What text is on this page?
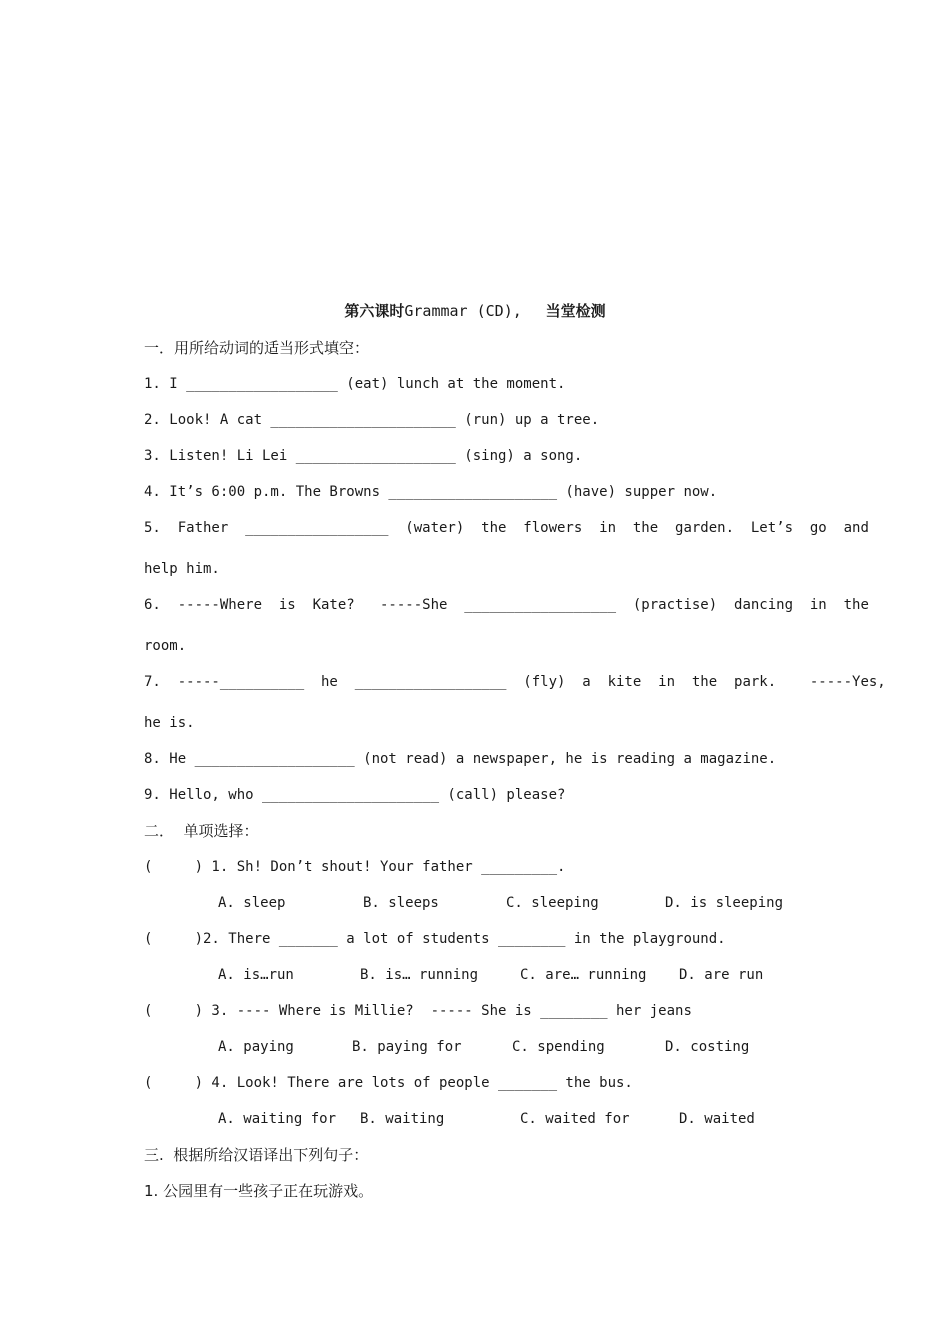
第六课时Grammar (CD), 当堂检测
一．用所给动词的适当形式填空：
1. I __________________ (eat) lunch at the moment.
2. Look! A cat ______________________ (run) up a tree.
3. Listen! Li Lei ___________________ (sing) a song.
4. It’s 6:00 p.m. The Browns ____________________ (have) supper now.
5.  Father  _________________  (water)  the  flowers  in  the  garden.  Let’s  go  and
help him.
6.  -----Where  is  Kate?   -----She  __________________  (practise)  dancing  in  the
room.
7.  -----__________  he  __________________  (fly)  a  kite  in  the  park.    -----Yes,
he is.
8. He ___________________ (not read) a newspaper, he is reading a magazine.
9. Hello, who _____________________ (call) please?
二．  单项选择：
(     ) 1. Sh! Don’t shout! Your father _________.

A. sleep

	B. sleeps

	C. sleeping

	D. is sleeping

(     )2. There _______ a lot of students ________ in the playground.

A. is…run

	B. is… running

	C. are… running

D. are run

(     ) 3. ---- Where is Millie?  ----- She is ________ her jeans

A. paying

	B. paying for

	C. spending

	D. costing

(     ) 4. Look! There are lots of people _______ the bus.

A. waiting for

B. waiting

	C. waited for

	D. waited

三.  根据所给汉语译出下列句子：
1. 公园里有一些孩子正在玩游戏。
